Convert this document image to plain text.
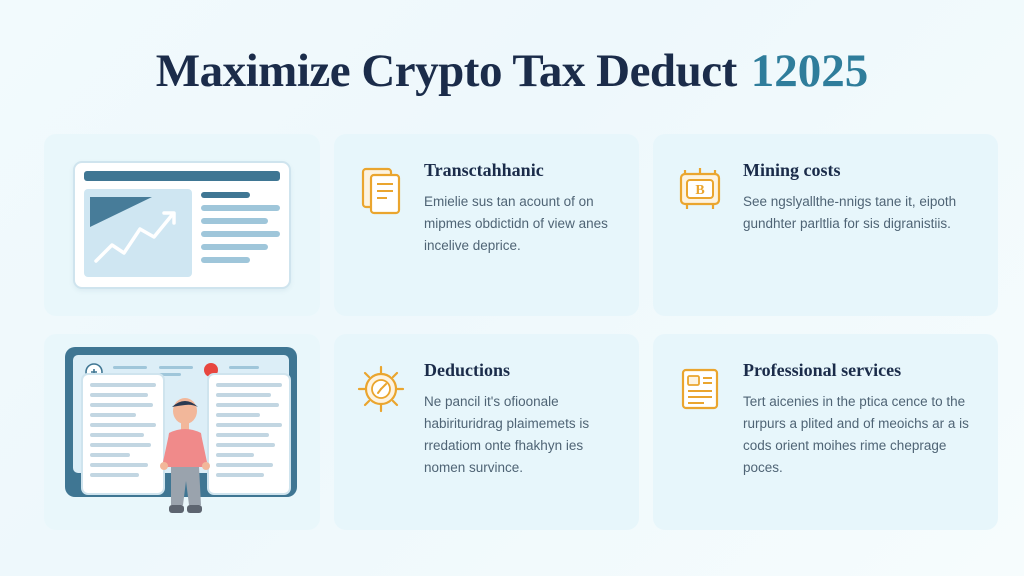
Maximize Crypto Tax Deduct 12025
Transctahhanic

Emielie sus tan acount of on mipmes obdictidn of view anes incelive deprice.

B
Mining costs

See ngslyallthe-nnigs tane it, eipoth gundhter parltlia for sis digranistiis.

Deductions

Ne pancil it's ofioonale habirituridrag plaimemets is rredatiom onte fhakhyn ies nomen survince.

Professional services

Tert aicenies in the ptica cence to the rurpurs a plited and of meoichs ar a is cods orient moihes rime cheprage poces.
